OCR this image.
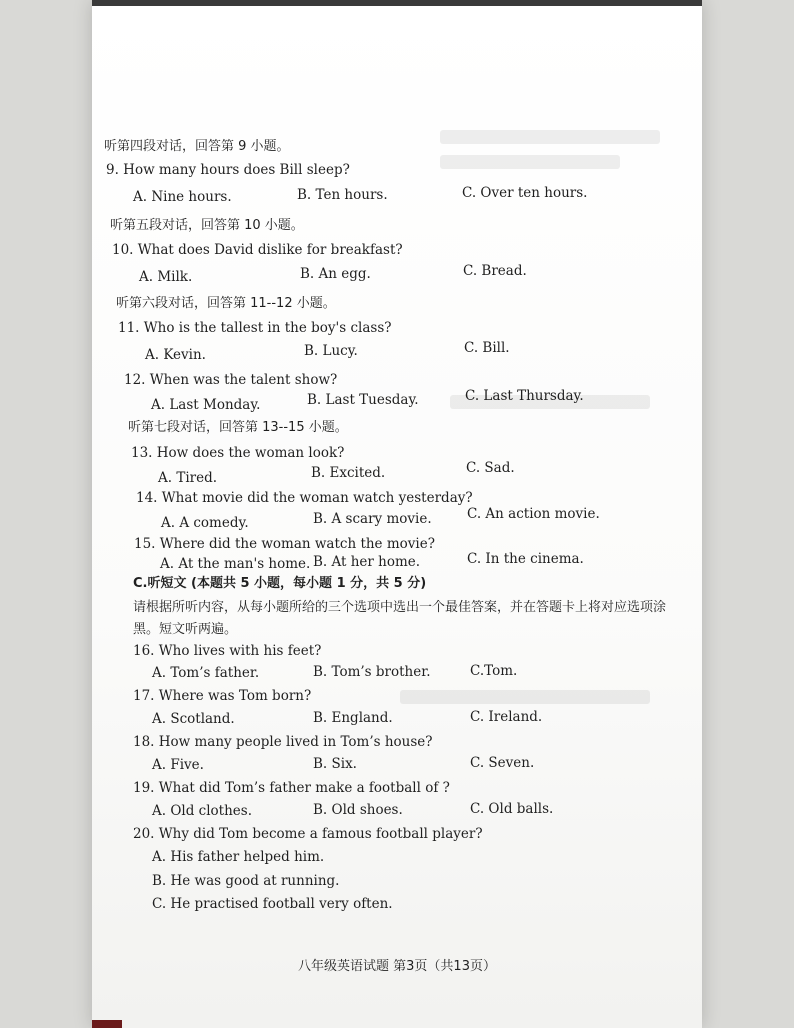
听第四段对话，回答第 9 小题。
9. How many hours does Bill sleep?
A. Nine hours.	B. Ten hours.	C. Over ten hours.
听第五段对话，回答第 10 小题。
10. What does David dislike for breakfast?
A. Milk.	B. An egg.	C. Bread.
听第六段对话，回答第 11--12 小题。
11. Who is the tallest in the boy's class?
A. Kevin.	B. Lucy.	C. Bill.
12. When was the talent show?
A. Last Monday.	B. Last Tuesday.	C. Last Thursday.
听第七段对话，回答第 13--15 小题。
13. How does the woman look?
A. Tired.	B. Excited.	C. Sad.
14. What movie did the woman watch yesterday?
A. A comedy.	B. A scary movie.	C. An action movie.
15. Where did the woman watch the movie?
A. At the man's home. B. At her home.	C. In the cinema.
C.听短文 (本题共 5 小题，每小题 1 分，共 5 分)
请根据所听内容，从每小题所给的三个选项中选出一个最佳答案，并在答题卡上将对应选项涂
黑。短文听两遍。
16. Who lives with his feet?
A. Tom’s father.	B. Tom’s brother.	C.Tom.
17. Where was Tom born?
A. Scotland.	B. England.	C. Ireland.
18. How many people lived in Tom’s house?
A. Five.	B. Six.	C. Seven.
19. What did Tom’s father make a football of ?
A. Old clothes.	B. Old shoes.	C. Old balls.
20. Why did Tom become a famous football player?
A. His father helped him.
B. He was good at running.
C. He practised football very often.
八年级英语试题 第3页（共13页）
